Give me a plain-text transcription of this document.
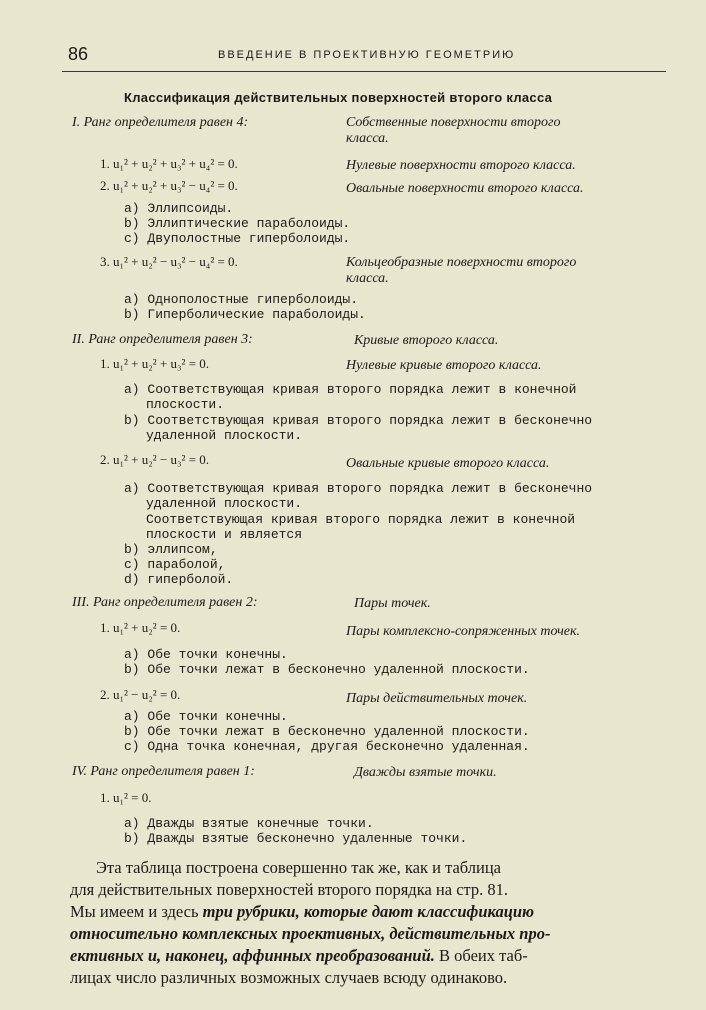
86	ВВЕДЕНИЕ В ПРОЕКТИВНУЮ ГЕОМЕТРИЮ
Классификация действительных поверхностей второго класса
I. Ранг определителя равен 4:	Собственные поверхности второго
класса.
1. u₁² + u₂² + u₃² + u₄² = 0.	Нулевые поверхности второго класса.
2. u₁² + u₂² + u₃² − u₄² = 0.	Овальные поверхности второго класса.
a) Эллипсоиды.
b) Эллиптические параболоиды.
c) Двуполостные гиперболоиды.
3. u₁² + u₂² − u₃² − u₄² = 0.	Кольцеобразные поверхности второго
класса.
a) Однополостные гиперболоиды.
b) Гиперболические параболоиды.
II. Ранг определителя равен 3:	Кривые второго класса.
1. u₁² + u₂² + u₃² = 0.	Нулевые кривые второго класса.
a) Соответствующая кривая второго порядка лежит в конечной
плоскости.
b) Соответствующая кривая второго порядка лежит в бесконечно
удаленной плоскости.
2. u₁² + u₂² − u₃² = 0.	Овальные кривые второго класса.
a) Соответствующая кривая второго порядка лежит в бесконечно
удаленной плоскости.
Соответствующая кривая второго порядка лежит в конечной
плоскости и является
b) эллипсом,
c) параболой,
d) гиперболой.
III. Ранг определителя равен 2:	Пары точек.
1. u₁² + u₂² = 0.	Пары комплексно-сопряженных точек.
a) Обе точки конечны.
b) Обе точки лежат в бесконечно удаленной плоскости.
2. u₁² − u₂² = 0.	Пары действительных точек.
a) Обе точки конечны.
b) Обе точки лежат в бесконечно удаленной плоскости.
c) Одна точка конечная, другая бесконечно удаленная.
IV. Ранг определителя равен 1:	Дважды взятые точки.
1. u₁² = 0.
a) Дважды взятые конечные точки.
b) Дважды взятые бесконечно удаленные точки.
Эта таблица построена совершенно так же, как и таблица
для действительных поверхностей второго порядка на стр. 81.
Мы имеем и здесь три рубрики, которые дают классификацию
относительно комплексных проективных, действительных про-
ективных и, наконец, аффинных преобразований. В обеих таб-
лицах число различных возможных случаев всюду одинаково.
